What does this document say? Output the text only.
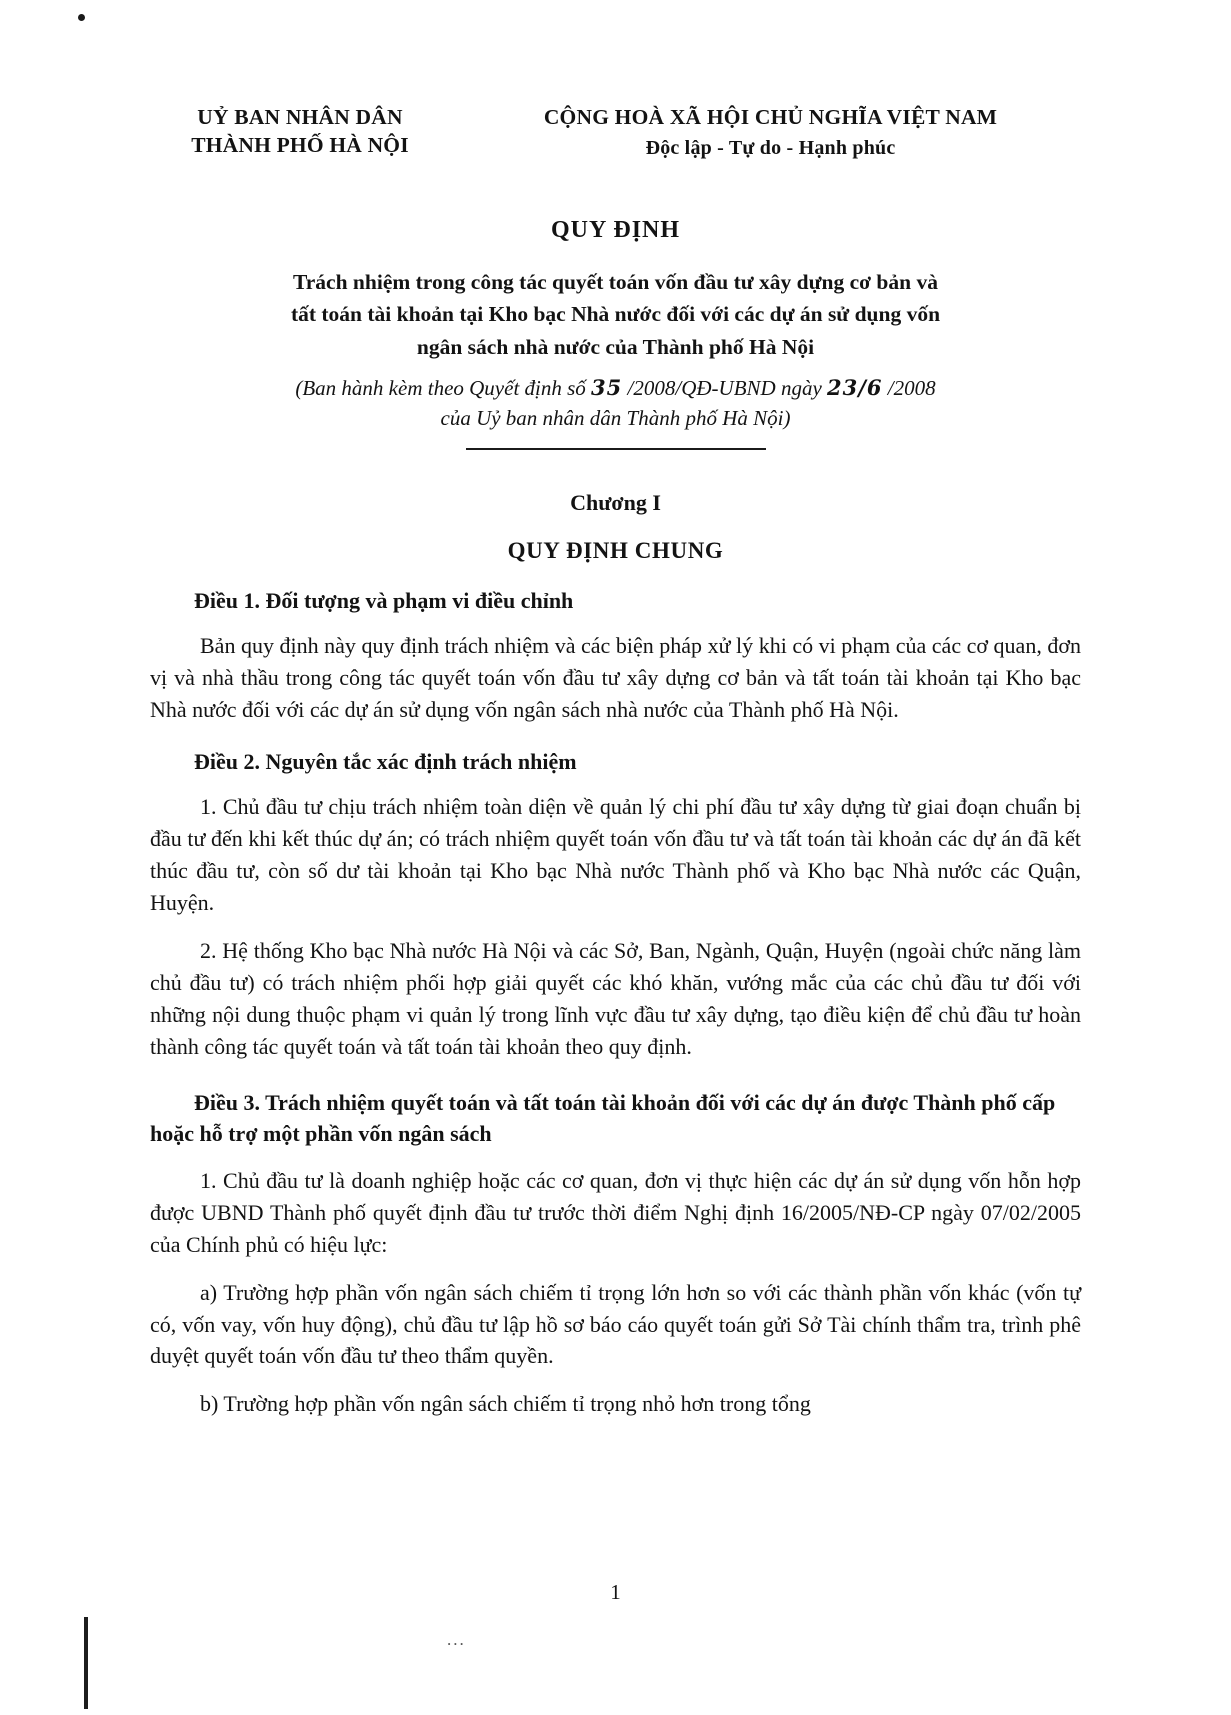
UỶ BAN NHÂN DÂN
THÀNH PHỐ HÀ NỘI
CỘNG HOÀ XÃ HỘI CHỦ NGHĨA VIỆT NAM
Độc lập - Tự do - Hạnh phúc
QUY ĐỊNH
Trách nhiệm trong công tác quyết toán vốn đầu tư xây dựng cơ bản và
tất toán tài khoản tại Kho bạc Nhà nước đối với các dự án sử dụng vốn
ngân sách nhà nước của Thành phố Hà Nội
(Ban hành kèm theo Quyết định số 35 /2008/QĐ-UBND ngày 23/6 /2008
của Uỷ ban nhân dân Thành phố Hà Nội)
Chương I
QUY ĐỊNH CHUNG
Điều 1. Đối tượng và phạm vi điều chỉnh

Bản quy định này quy định trách nhiệm và các biện pháp xử lý khi có vi phạm của các cơ quan, đơn vị và nhà thầu trong công tác quyết toán vốn đầu tư xây dựng cơ bản và tất toán tài khoản tại Kho bạc Nhà nước đối với các dự án sử dụng vốn ngân sách nhà nước của Thành phố Hà Nội.

Điều 2. Nguyên tắc xác định trách nhiệm

1. Chủ đầu tư chịu trách nhiệm toàn diện về quản lý chi phí đầu tư xây dựng từ giai đoạn chuẩn bị đầu tư đến khi kết thúc dự án; có trách nhiệm quyết toán vốn đầu tư và tất toán tài khoản các dự án đã kết thúc đầu tư, còn số dư tài khoản tại Kho bạc Nhà nước Thành phố và Kho bạc Nhà nước các Quận, Huyện.

2. Hệ thống Kho bạc Nhà nước Hà Nội và các Sở, Ban, Ngành, Quận, Huyện (ngoài chức năng làm chủ đầu tư) có trách nhiệm phối hợp giải quyết các khó khăn, vướng mắc của các chủ đầu tư đối với những nội dung thuộc phạm vi quản lý trong lĩnh vực đầu tư xây dựng, tạo điều kiện để chủ đầu tư hoàn thành công tác quyết toán và tất toán tài khoản theo quy định.

Điều 3. Trách nhiệm quyết toán và tất toán tài khoản đối với các dự án được Thành phố cấp hoặc hỗ trợ một phần vốn ngân sách

1. Chủ đầu tư là doanh nghiệp hoặc các cơ quan, đơn vị thực hiện các dự án sử dụng vốn hỗn hợp được UBND Thành phố quyết định đầu tư trước thời điểm Nghị định 16/2005/NĐ-CP ngày 07/02/2005 của Chính phủ có hiệu lực:

a) Trường hợp phần vốn ngân sách chiếm tỉ trọng lớn hơn so với các thành phần vốn khác (vốn tự có, vốn vay, vốn huy động), chủ đầu tư lập hồ sơ báo cáo quyết toán gửi Sở Tài chính thẩm tra, trình phê duyệt quyết toán vốn đầu tư theo thẩm quyền.

b) Trường hợp phần vốn ngân sách chiếm tỉ trọng nhỏ hơn trong tổng

1
...
